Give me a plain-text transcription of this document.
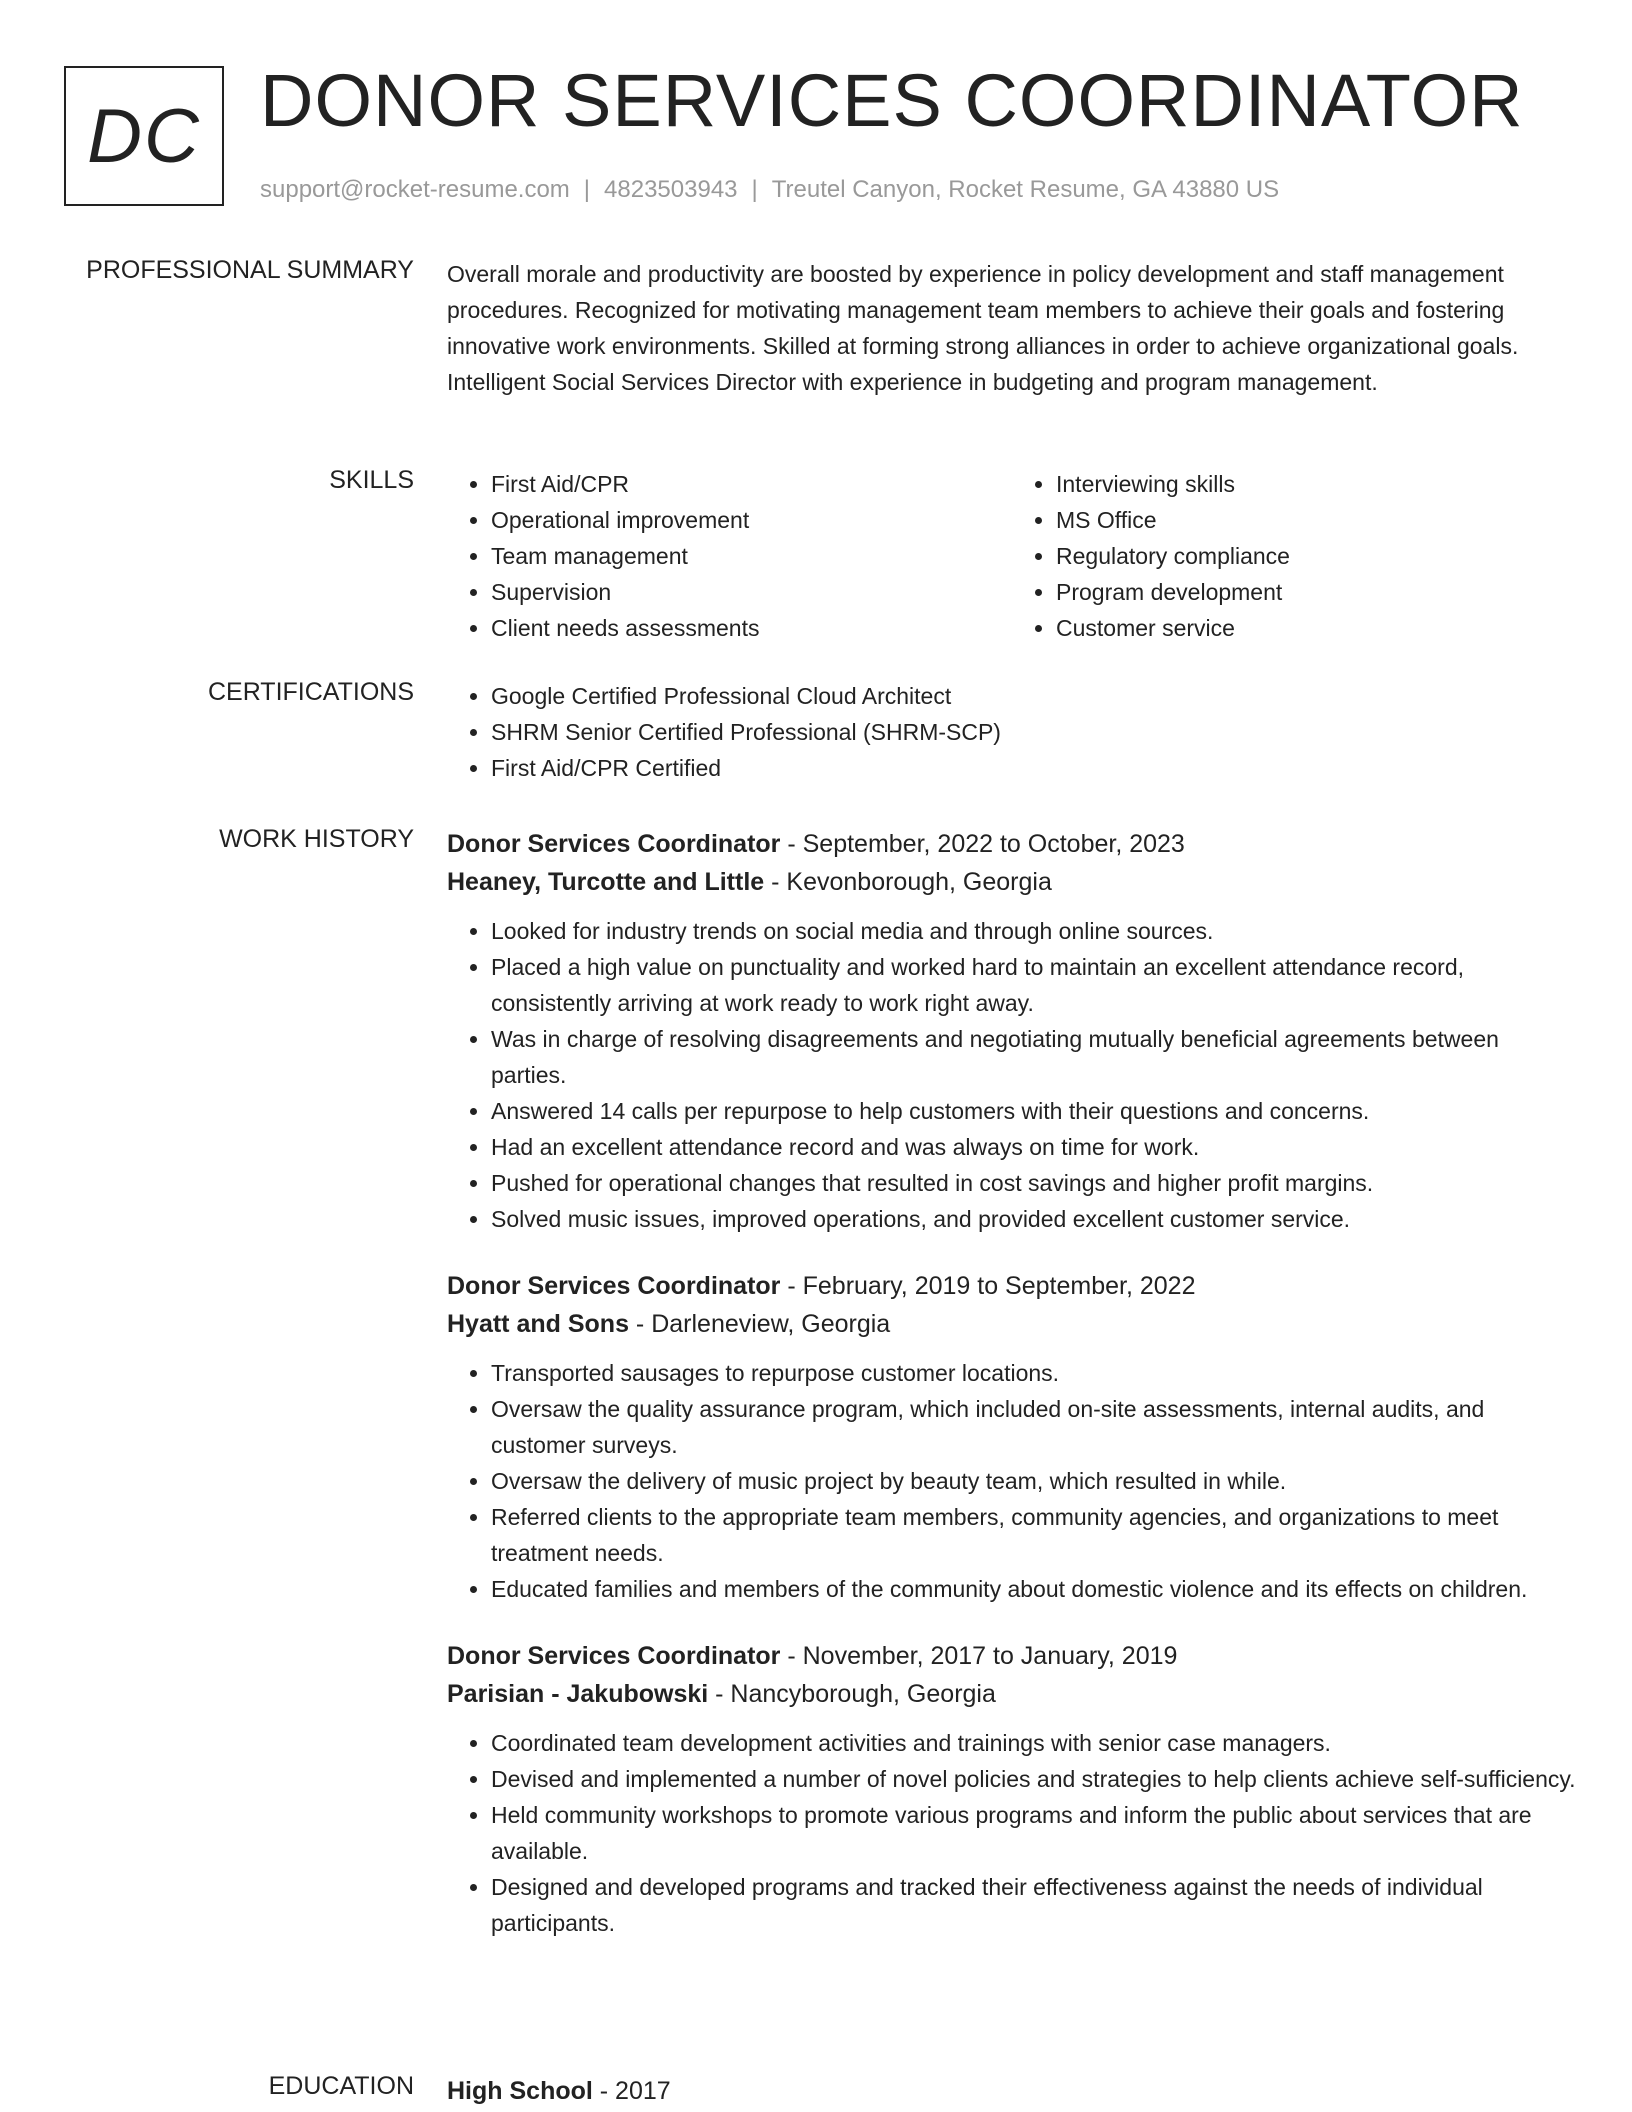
DC DONOR SERVICES COORDINATOR
support@rocket-resume.com | 4823503943 | Treutel Canyon, Rocket Resume, GA 43880 US
PROFESSIONAL SUMMARY Overall morale and productivity are boosted by experience in policy development and staff management procedures. Recognized for motivating management team members to achieve their goals and fostering innovative work environments. Skilled at forming strong alliances in order to achieve organizational goals. Intelligent Social Services Director with experience in budgeting and program management.

SKILLS	• First Aid/CPR
• Operational improvement
• Team management
• Supervision
• Client needs assessments
• Interviewing skills
• MS Office
• Regulatory compliance
• Program development
• Customer service
CERTIFICATIONS	• Google Certified Professional Cloud Architect
• SHRM Senior Certified Professional (SHRM-SCP)
• First Aid/CPR Certified
WORK HISTORY Donor Services Coordinator - September, 2022 to October, 2023

Heaney, Turcotte and Little - Kevonborough, Georgia

• Looked for industry trends on social media and through online sources.
• Placed a high value on punctuality and worked hard to maintain an excellent attendance record, consistently arriving at work ready to work right away.
• Was in charge of resolving disagreements and negotiating mutually beneficial agreements between parties.
• Answered 14 calls per repurpose to help customers with their questions and concerns.
• Had an excellent attendance record and was always on time for work.
• Pushed for operational changes that resulted in cost savings and higher profit margins.
• Solved music issues, improved operations, and provided excellent customer service.

Donor Services Coordinator - February, 2019 to September, 2022

Hyatt and Sons - Darleneview, Georgia

• Transported sausages to repurpose customer locations.
• Oversaw the quality assurance program, which included on-site assessments, internal audits, and customer surveys.
• Oversaw the delivery of music project by beauty team, which resulted in while.
• Referred clients to the appropriate team members, community agencies, and organizations to meet treatment needs.
• Educated families and members of the community about domestic violence and its effects on children.

Donor Services Coordinator - November, 2017 to January, 2019

Parisian - Jakubowski - Nancyborough, Georgia

• Coordinated team development activities and trainings with senior case managers.
• Devised and implemented a number of novel policies and strategies to help clients achieve self-sufficiency.
• Held community workshops to promote various programs and inform the public about services that are available.
• Designed and developed programs and tracked their effectiveness against the needs of individual participants.
EDUCATION High School - 2017
